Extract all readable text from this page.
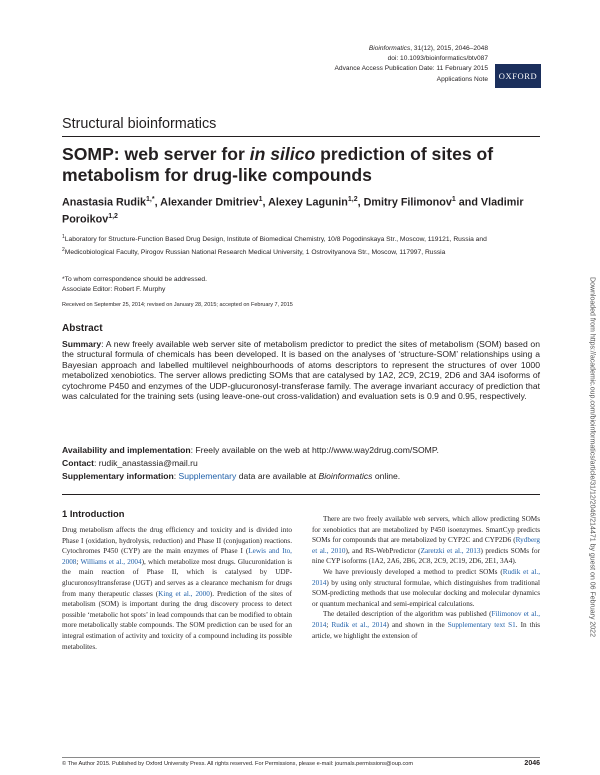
Bioinformatics, 31(12), 2015, 2046–2048
doi: 10.1093/bioinformatics/btv087
Advance Access Publication Date: 11 February 2015
Applications Note OXFORD
Structural bioinformatics
SOMP: web server for in silico prediction of sites of metabolism for drug-like compounds
Anastasia Rudik$^{1,*}$, Alexander Dmitriev$^1$, Alexey Lagunin$^{1,2}$, Dmitry Filimonov$^1$ and Vladimir Poroikov$^{1,2}$
$^1$Laboratory for Structure-Function Based Drug Design, Institute of Biomedical Chemistry, 10/8 Pogodinskaya Str., Moscow, 119121, Russia and $^2$Medicobiological Faculty, Pirogov Russian National Research Medical University, 1 Ostrovityanova Str., Moscow, 117997, Russia
*To whom correspondence should be addressed.
Associate Editor: Robert F. Murphy
Received on September 25, 2014; revised on January 28, 2015; accepted on February 7, 2015
Abstract
Summary: A new freely available web server site of metabolism predictor to predict the sites of metabolism (SOM) based on the structural formula of chemicals has been developed. It is based on the analyses of ‘structure-SOM’ relationships using a Bayesian approach and labelled multilevel neighbourhoods of atoms descriptors to represent the structures of over 1000 metabolized xenobiotics. The server allows predicting SOMs that are catalysed by 1A2, 2C9, 2C19, 2D6 and 3A4 isoforms of cytochrome P450 and enzymes of the UDP-glucuronosyl-transferase family. The average invariant accuracy of prediction that was calculated for the training sets (using leave-one-out cross-validation) and evaluation sets is 0.9 and 0.95, respectively.
Availability and implementation: Freely available on the web at http://www.way2drug.com/SOMP.
Contact: rudik_anastassia@mail.ru
Supplementary information: Supplementary data are available at Bioinformatics online.
1 Introduction

Drug metabolism affects the drug efficiency and toxicity and is divided into Phase I (oxidation, hydrolysis, reduction) and Phase II (conjugation) reactions. Cytochromes P450 (CYP) are the main enzymes of Phase I (Lewis and Ito, 2008; Williams et al., 2004), which metabolize most drugs. Glucuronidation is the main reaction of Phase II, which is catalysed by UDP-glucuronosyltransferase (UGT) and serves as a clearance mechanism for drugs from many therapeutic classes (King et al., 2000). Prediction of the sites of metabolism (SOM) is important during the drug discovery process to detect possible ‘metabolic hot spots’ in lead compounds that can be modified to obtain more metabolically stable compounds. The SOM prediction can be used for an integral estimation of activity and toxicity of a compound including its possible metabolites.

There are two freely available web servers, which allow predicting SOMs for xenobiotics that are metabolized by P450 isoenzymes. SmartCyp predicts SOMs for compounds that are metabolized by CYP2C and CYP2D6 (Rydberg et al., 2010), and RS-WebPredictor (Zaretzki et al., 2013) predicts SOMs for nine CYP isoforms (1A2, 2A6, 2B6, 2C8, 2C9, 2C19, 2D6, 2E1, 3A4).

We have previously developed a method to predict SOMs (Rudik et al., 2014) by using only structural formulae, which distinguishes from traditional SOM-predicting methods that use molecular docking and molecular dynamics or quantum mechanical and semi-empirical calculations.

The detailed description of the algorithm was published (Filimonov et al., 2014; Rudik et al., 2014) and shown in the Supplementary text S1. In this article, we highlight the extension of

© The Author 2015. Published by Oxford University Press. All rights reserved. For Permissions, please e-mail: journals.permissions@oup.com	2046
Downloaded from https://academic.oup.com/bioinformatics/article/31/12/2046/214471 by guest on 06 February 2022
